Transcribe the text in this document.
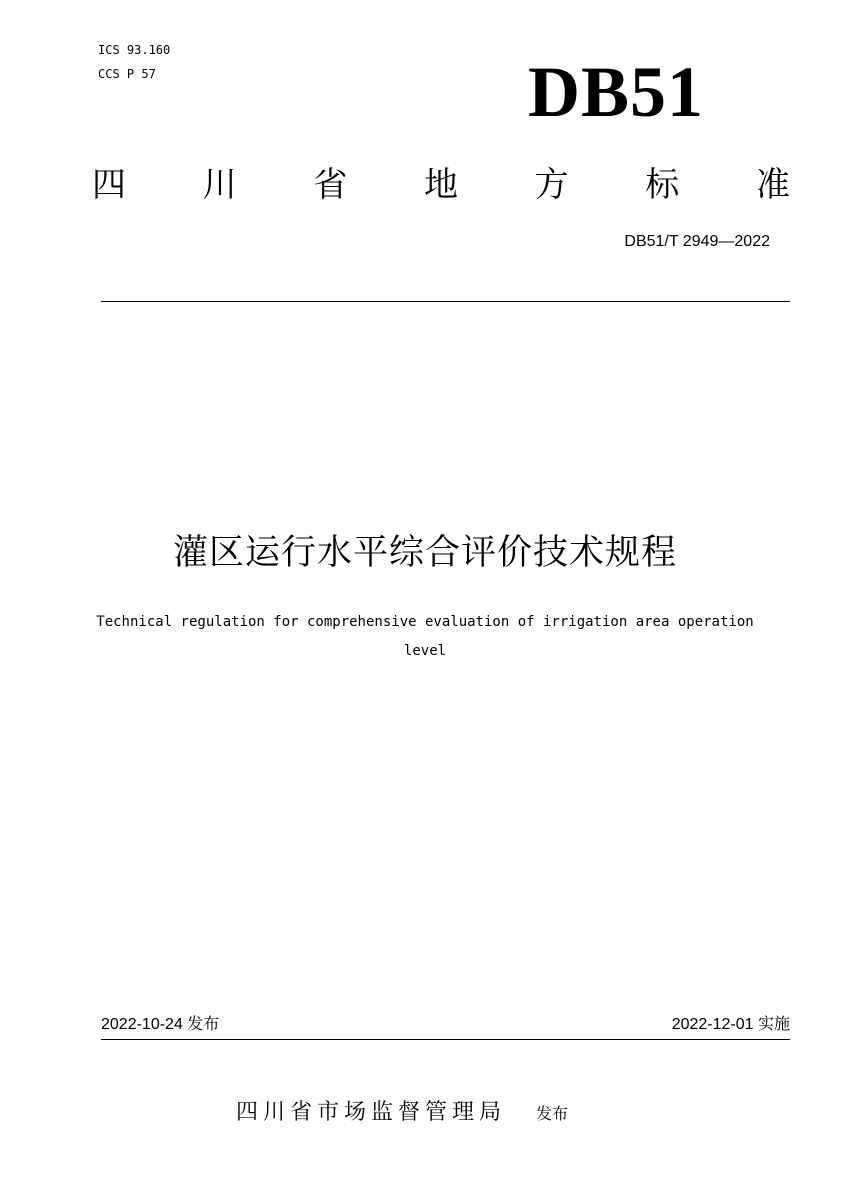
ICS 93.160
CCS P 57	DB51
四 川 省 地 方 标 准
DB51/T 2949—2022
灌区运行水平综合评价技术规程
Technical regulation for comprehensive evaluation of irrigation area operation level
2022-10-24 发布	2022-12-01 实施
四川省市场监督管理局 发布
